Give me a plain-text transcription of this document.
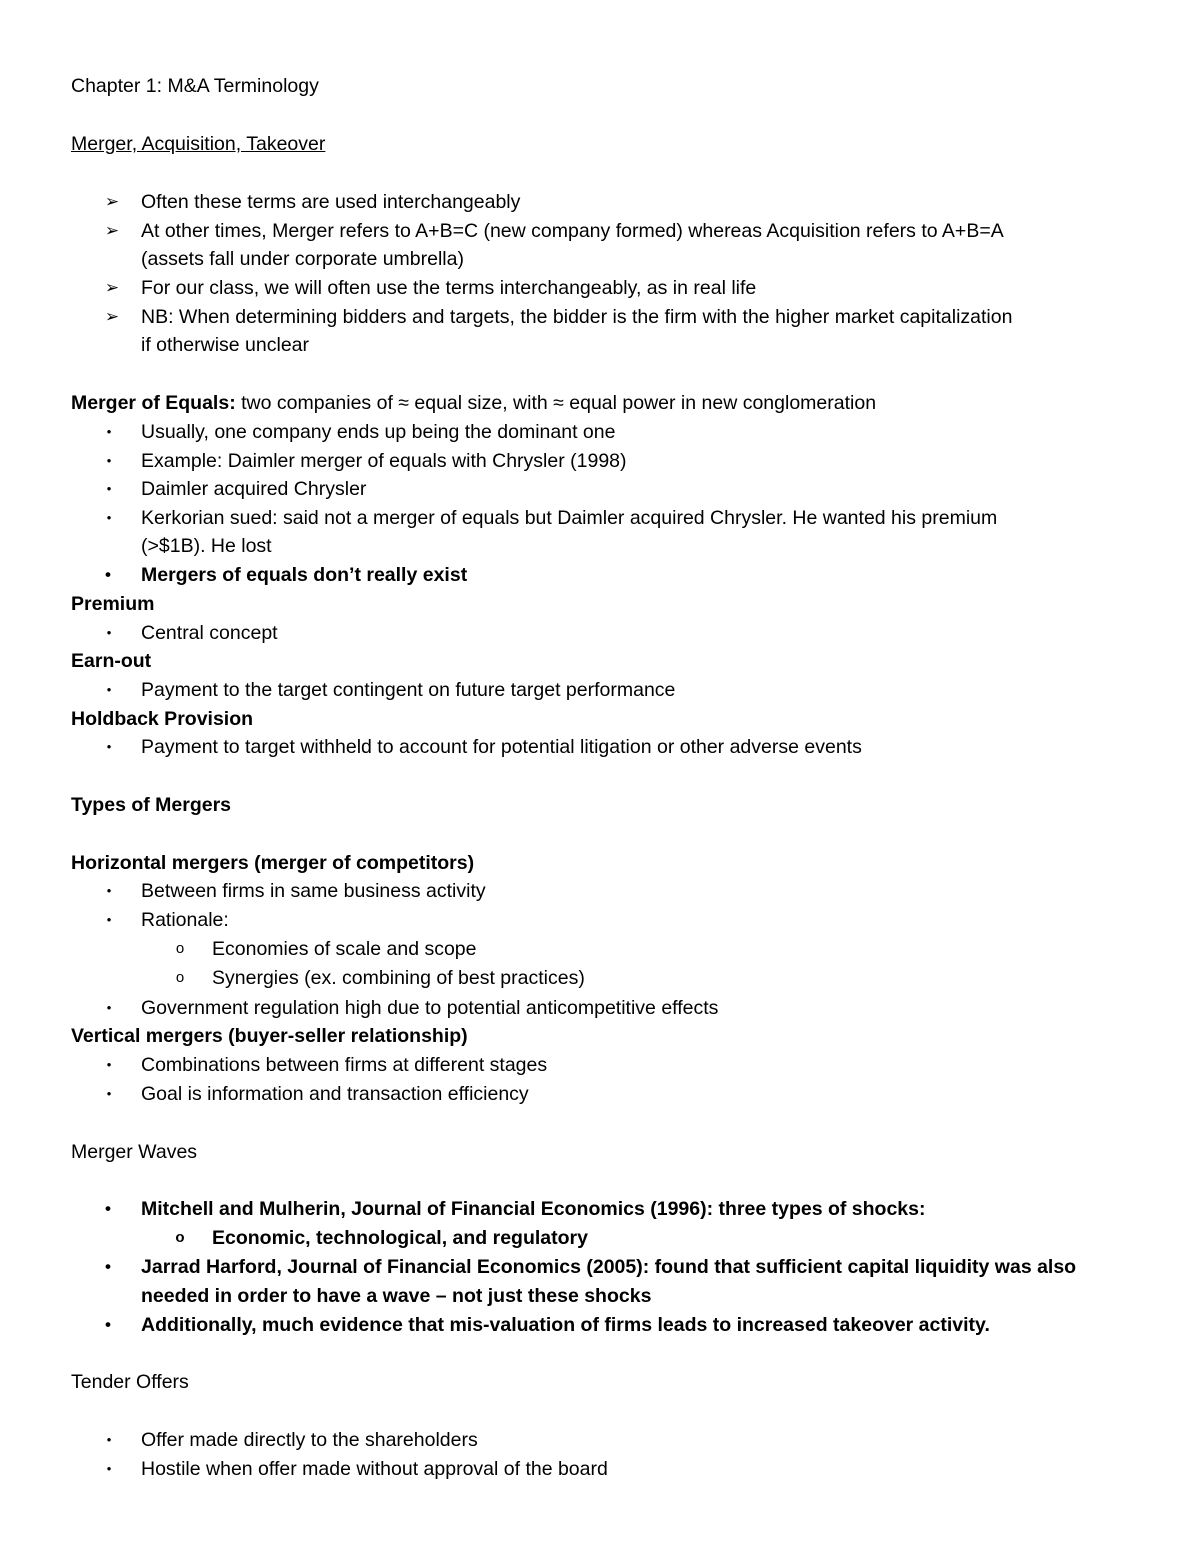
Chapter 1: M&A Terminology
Merger, Acquisition, Takeover
➢ Often these terms are used interchangeably
➢ At other times, Merger refers to A+B=C (new company formed) whereas Acquisition refers to A+B=A
(assets fall under corporate umbrella)
➢ For our class, we will often use the terms interchangeably, as in real life
➢ NB: When determining bidders and targets, the bidder is the firm with the higher market capitalization
if otherwise unclear
Merger of Equals: two companies of ≈ equal size, with ≈ equal power in new conglomeration
•	Usually, one company ends up being the dominant one
•	Example: Daimler merger of equals with Chrysler (1998)
•	Daimler acquired Chrysler
•	Kerkorian sued: said not a merger of equals but Daimler acquired Chrysler. He wanted his premium
(>$1B). He lost
•	Mergers of equals don’t really exist
Premium
•	Central concept
Earn-out
•	Payment to the target contingent on future target performance
Holdback Provision
•	Payment to target withheld to account for potential litigation or other adverse events
Types of Mergers
Horizontal mergers (merger of competitors)
•	Between firms in same business activity
•	Rationale:
o Economies of scale and scope
o Synergies (ex. combining of best practices)
•	Government regulation high due to potential anticompetitive effects
Vertical mergers (buyer-seller relationship)
•	Combinations between firms at different stages
•	Goal is information and transaction efficiency
Merger Waves
•	Mitchell and Mulherin, Journal of Financial Economics (1996): three types of shocks:
o Economic, technological, and regulatory
•	Jarrad Harford, Journal of Financial Economics (2005): found that sufficient capital liquidity was also
needed in order to have a wave – not just these shocks
•	Additionally, much evidence that mis-valuation of firms leads to increased takeover activity.
Tender Offers
•	Offer made directly to the shareholders
•	Hostile when offer made without approval of the board
